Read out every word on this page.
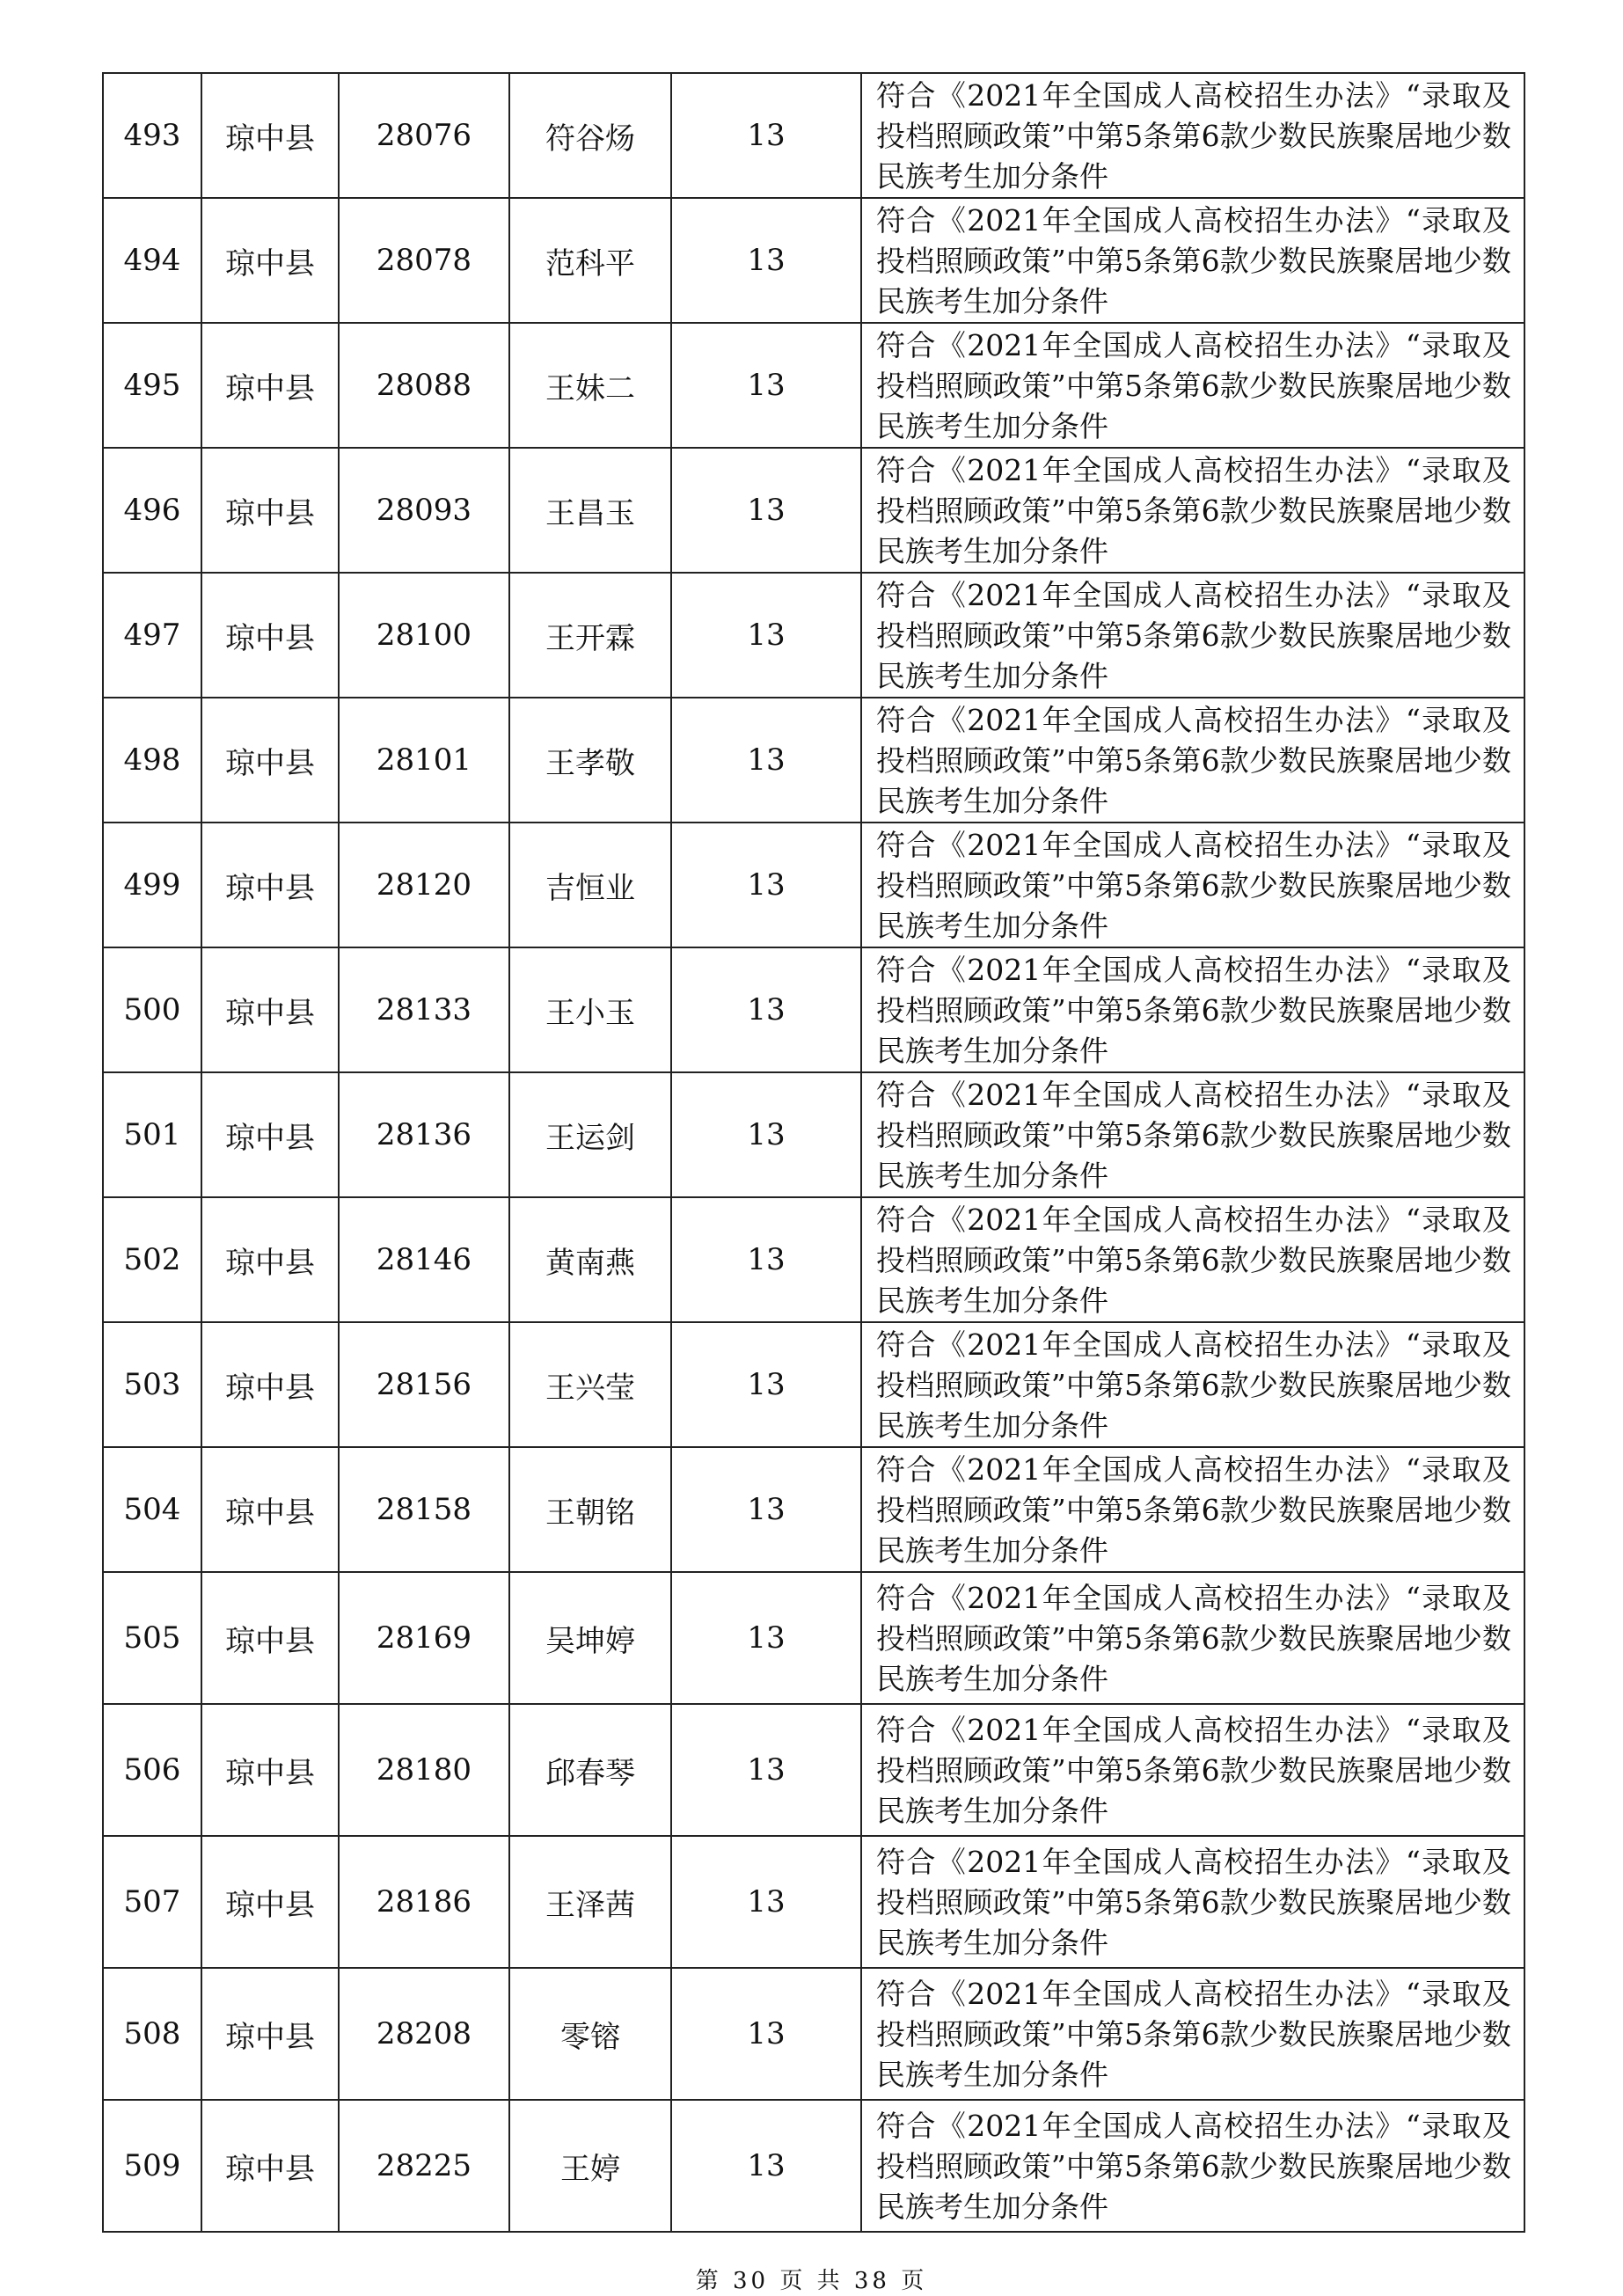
493	琼中县	28076	符谷炀	13	符合《2021年全国成人高校招生办法》“录取及投档照顾政策”中第5条第6款少数民族聚居地少数民族考生加分条件
494	琼中县	28078	范科平	13	符合《2021年全国成人高校招生办法》“录取及投档照顾政策”中第5条第6款少数民族聚居地少数民族考生加分条件
495	琼中县	28088	王妹二	13	符合《2021年全国成人高校招生办法》“录取及投档照顾政策”中第5条第6款少数民族聚居地少数民族考生加分条件
496	琼中县	28093	王昌玉	13	符合《2021年全国成人高校招生办法》“录取及投档照顾政策”中第5条第6款少数民族聚居地少数民族考生加分条件
497	琼中县	28100	王开霖	13	符合《2021年全国成人高校招生办法》“录取及投档照顾政策”中第5条第6款少数民族聚居地少数民族考生加分条件
498	琼中县	28101	王孝敬	13	符合《2021年全国成人高校招生办法》“录取及投档照顾政策”中第5条第6款少数民族聚居地少数民族考生加分条件
499	琼中县	28120	吉恒业	13	符合《2021年全国成人高校招生办法》“录取及投档照顾政策”中第5条第6款少数民族聚居地少数民族考生加分条件
500	琼中县	28133	王小玉	13	符合《2021年全国成人高校招生办法》“录取及投档照顾政策”中第5条第6款少数民族聚居地少数民族考生加分条件
501	琼中县	28136	王运剑	13	符合《2021年全国成人高校招生办法》“录取及投档照顾政策”中第5条第6款少数民族聚居地少数民族考生加分条件
502	琼中县	28146	黄南燕	13	符合《2021年全国成人高校招生办法》“录取及投档照顾政策”中第5条第6款少数民族聚居地少数民族考生加分条件
503	琼中县	28156	王兴莹	13	符合《2021年全国成人高校招生办法》“录取及投档照顾政策”中第5条第6款少数民族聚居地少数民族考生加分条件
504	琼中县	28158	王朝铭	13	符合《2021年全国成人高校招生办法》“录取及投档照顾政策”中第5条第6款少数民族聚居地少数民族考生加分条件
505	琼中县	28169	吴坤婷	13	符合《2021年全国成人高校招生办法》“录取及投档照顾政策”中第5条第6款少数民族聚居地少数民族考生加分条件
506	琼中县	28180	邱春琴	13	符合《2021年全国成人高校招生办法》“录取及投档照顾政策”中第5条第6款少数民族聚居地少数民族考生加分条件
507	琼中县	28186	王泽茜	13	符合《2021年全国成人高校招生办法》“录取及投档照顾政策”中第5条第6款少数民族聚居地少数民族考生加分条件
508	琼中县	28208	零镕	13	符合《2021年全国成人高校招生办法》“录取及投档照顾政策”中第5条第6款少数民族聚居地少数民族考生加分条件
509	琼中县	28225	王婷	13	符合《2021年全国成人高校招生办法》“录取及投档照顾政策”中第5条第6款少数民族聚居地少数民族考生加分条件
第 30 页 共 38 页
